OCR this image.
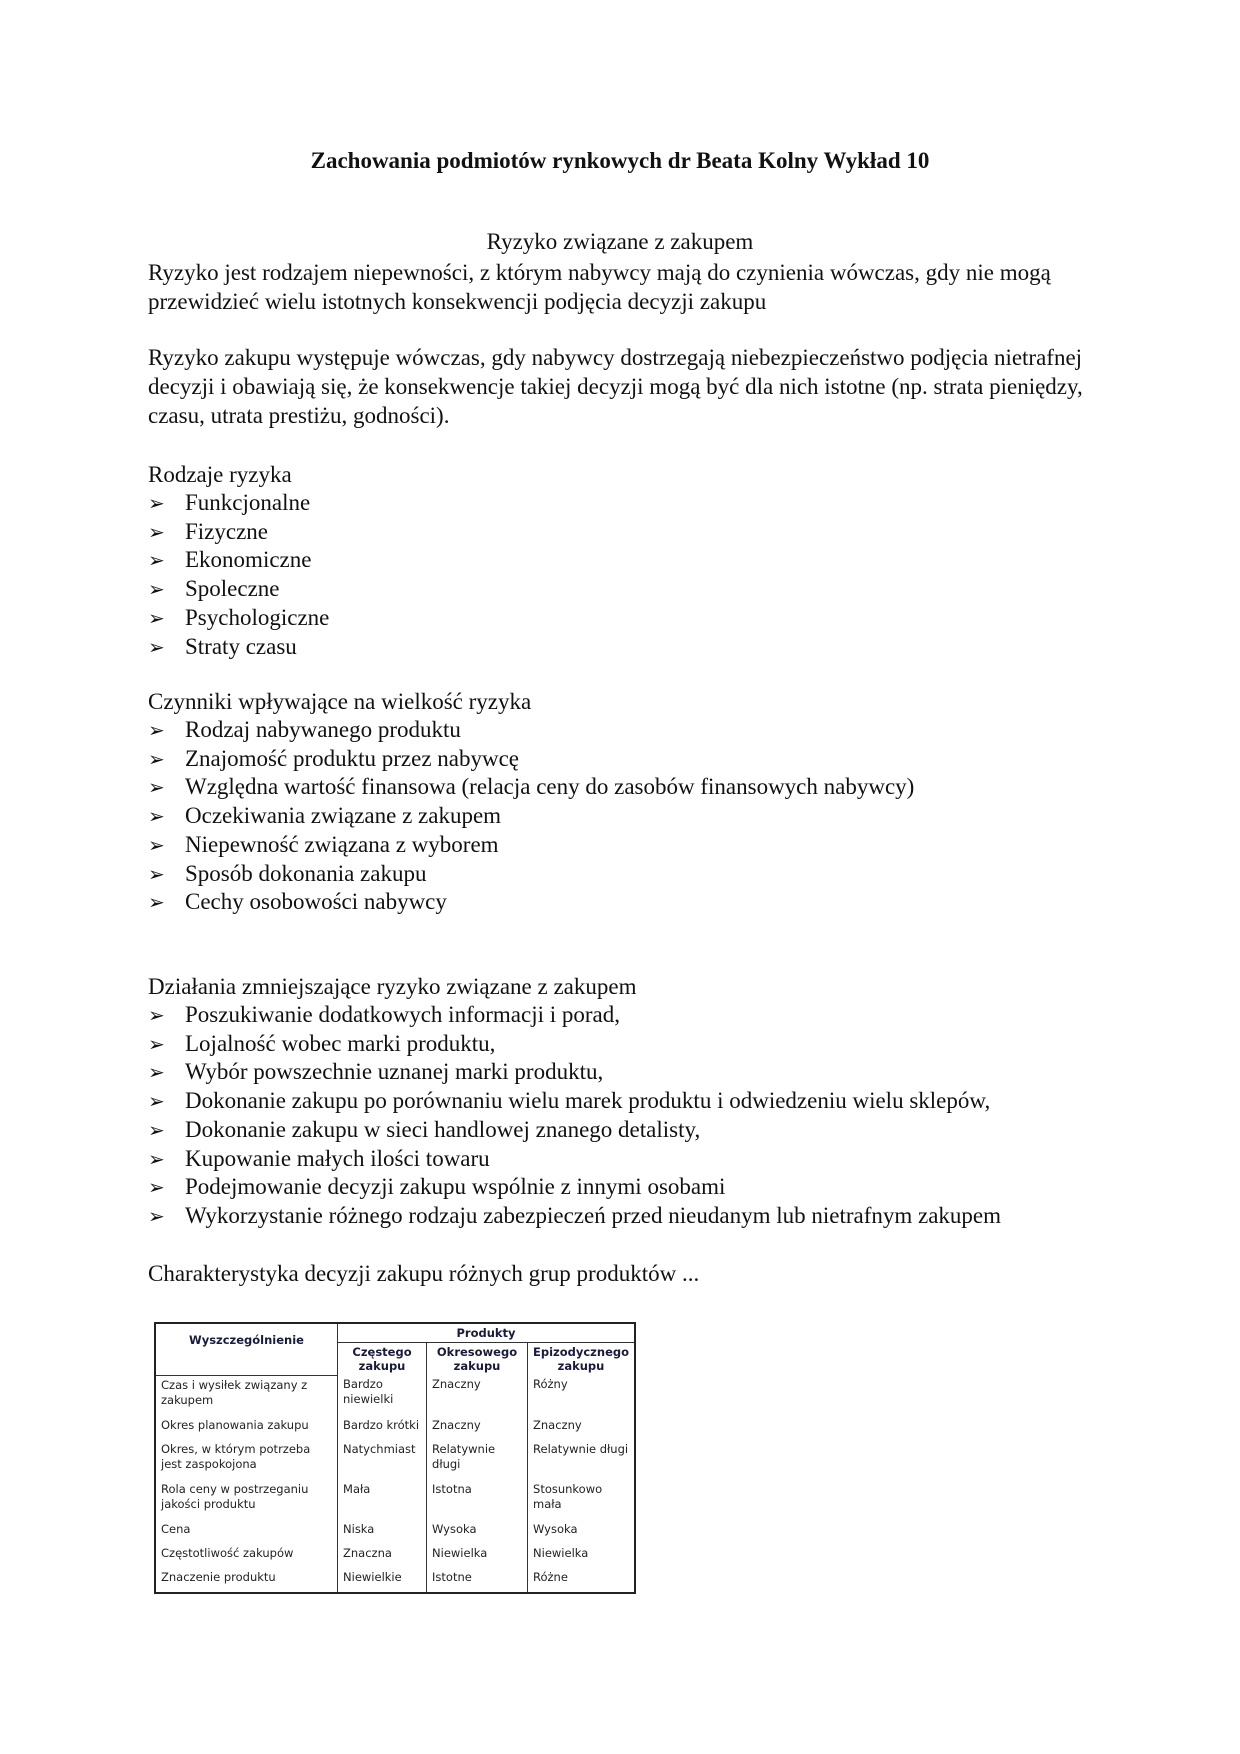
Zachowania podmiotów rynkowych dr Beata Kolny Wykład 10
Ryzyko związane z zakupem
Ryzyko jest rodzajem niepewności, z którym nabywcy mają do czynienia wówczas, gdy nie mogą przewidzieć wielu istotnych konsekwencji podjęcia decyzji zakupu
Ryzyko zakupu występuje wówczas, gdy nabywcy dostrzegają niebezpieczeństwo podjęcia nietrafnej decyzji i obawiają się, że konsekwencje takiej decyzji mogą być dla nich istotne (np. strata pieniędzy, czasu, utrata prestiżu, godności).
Rodzaje ryzyka
➢ Funkcjonalne
➢ Fizyczne
➢ Ekonomiczne
➢ Spoleczne
➢ Psychologiczne
➢ Straty czasu
Czynniki wpływające na wielkość ryzyka
➢ Rodzaj nabywanego produktu
➢ Znajomość produktu przez nabywcę
➢ Względna wartość finansowa (relacja ceny do zasobów finansowych nabywcy)
➢ Oczekiwania związane z zakupem
➢ Niepewność związana z wyborem
➢ Sposób dokonania zakupu
➢ Cechy osobowości nabywcy
Działania zmniejszające ryzyko związane z zakupem
➢ Poszukiwanie dodatkowych informacji i porad,
➢ Lojalność wobec marki produktu,
➢ Wybór powszechnie uznanej marki produktu,
➢ Dokonanie zakupu po porównaniu wielu marek produktu i odwiedzeniu wielu sklepów,
➢ Dokonanie zakupu w sieci handlowej znanego detalisty,
➢ Kupowanie małych ilości towaru
➢ Podejmowanie decyzji zakupu wspólnie z innymi osobami
➢ Wykorzystanie różnego rodzaju zabezpieczeń przed nieudanym lub nietrafnym zakupem
Charakterystyka decyzji zakupu różnych grup produktów ...
Wyszczególnienie	Produkty		
	Częstego zakupu	Okresowego zakupu	Epizodycznego zakupu
Czas i wysiłek związany z zakupem	Bardzo niewielki	Znaczny	Różny
Okres planowania zakupu	Bardzo krótki	Znaczny	Znaczny
Okres, w którym potrzeba jest zaspokojona	Natychmiast	Relatywnie długi	Relatywnie długi
Rola ceny w postrzeganiu jakości produktu	Mała	Istotna	Stosunkowo mała
Cena	Niska	Wysoka	Wysoka
Częstotliwość zakupów	Znaczna	Niewielka	Niewielka
Znaczenie produktu	Niewielkie	Istotne	Różne
